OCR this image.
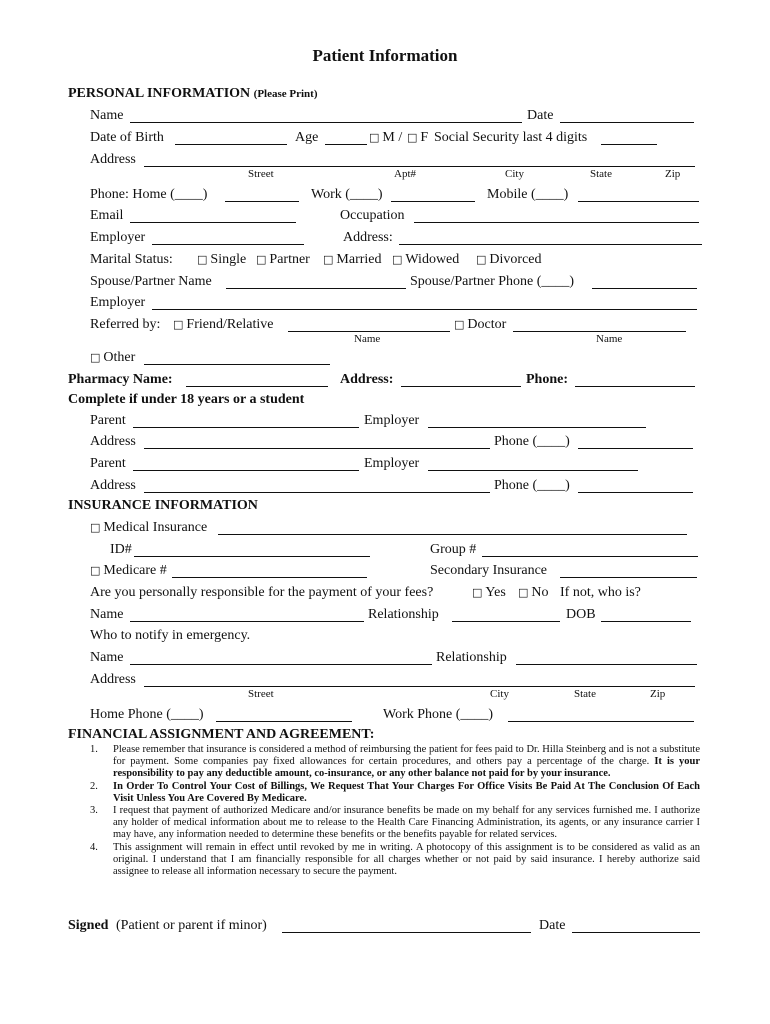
Patient Information
PERSONAL INFORMATION (Please Print)
Name	Date
Date of Birth	Age	□ M / □ F Social Security last 4 digits
Address
Street	Apt#	City	State	Zip
Phone: Home (____)	Work (____)	Mobile (____)
Email	Occupation
Employer	Address:
Marital Status: □ Single □ Partner □ Married □ Widowed □ Divorced
Spouse/Partner Name	Spouse/Partner Phone (____)
Employer
Referred by: □ Friend/Relative	□ Doctor
Name	Name
□ Other
Pharmacy Name:	Address:	Phone:
Complete if under 18 years or a student
Parent	Employer
Address	Phone (____)
Parent	Employer
Address	Phone (____)
INSURANCE INFORMATION
□ Medical Insurance
ID#	Group #
□ Medicare #	Secondary Insurance
Are you personally responsible for the payment of your fees?	□ Yes □ No If not, who is?
Name	Relationship	DOB
Who to notify in emergency.
Name	Relationship
Address
Street	City	State	Zip
Home Phone (____)	Work Phone (____)
FINANCIAL ASSIGNMENT AND AGREEMENT:
1. Please remember that insurance is considered a method of reimbursing the patient for fees paid to Dr. Hilla Steinberg and is not a substitute for payment. Some companies pay fixed allowances for certain procedures, and others pay a percentage of the charge. It is your responsibility to pay any deductible amount, co-insurance, or any other balance not paid for by your insurance.
2. In Order To Control Your Cost of Billings, We Request That Your Charges For Office Visits Be Paid At The Conclusion Of Each Visit Unless You Are Covered By Medicare.
3. I request that payment of authorized Medicare and/or insurance benefits be made on my behalf for any services furnished me. I authorize any holder of medical information about me to release to the Health Care Financing Administration, its agents, or any insurance carrier I may have, any information needed to determine these benefits or the benefits payable for related services.
4. This assignment will remain in effect until revoked by me in writing. A photocopy of this assignment is to be considered as valid as an original. I understand that I am financially responsible for all charges whether or not paid by said insurance. I hereby authorize said assignee to release all information necessary to secure the payment.
Signed (Patient or parent if minor)	Date
